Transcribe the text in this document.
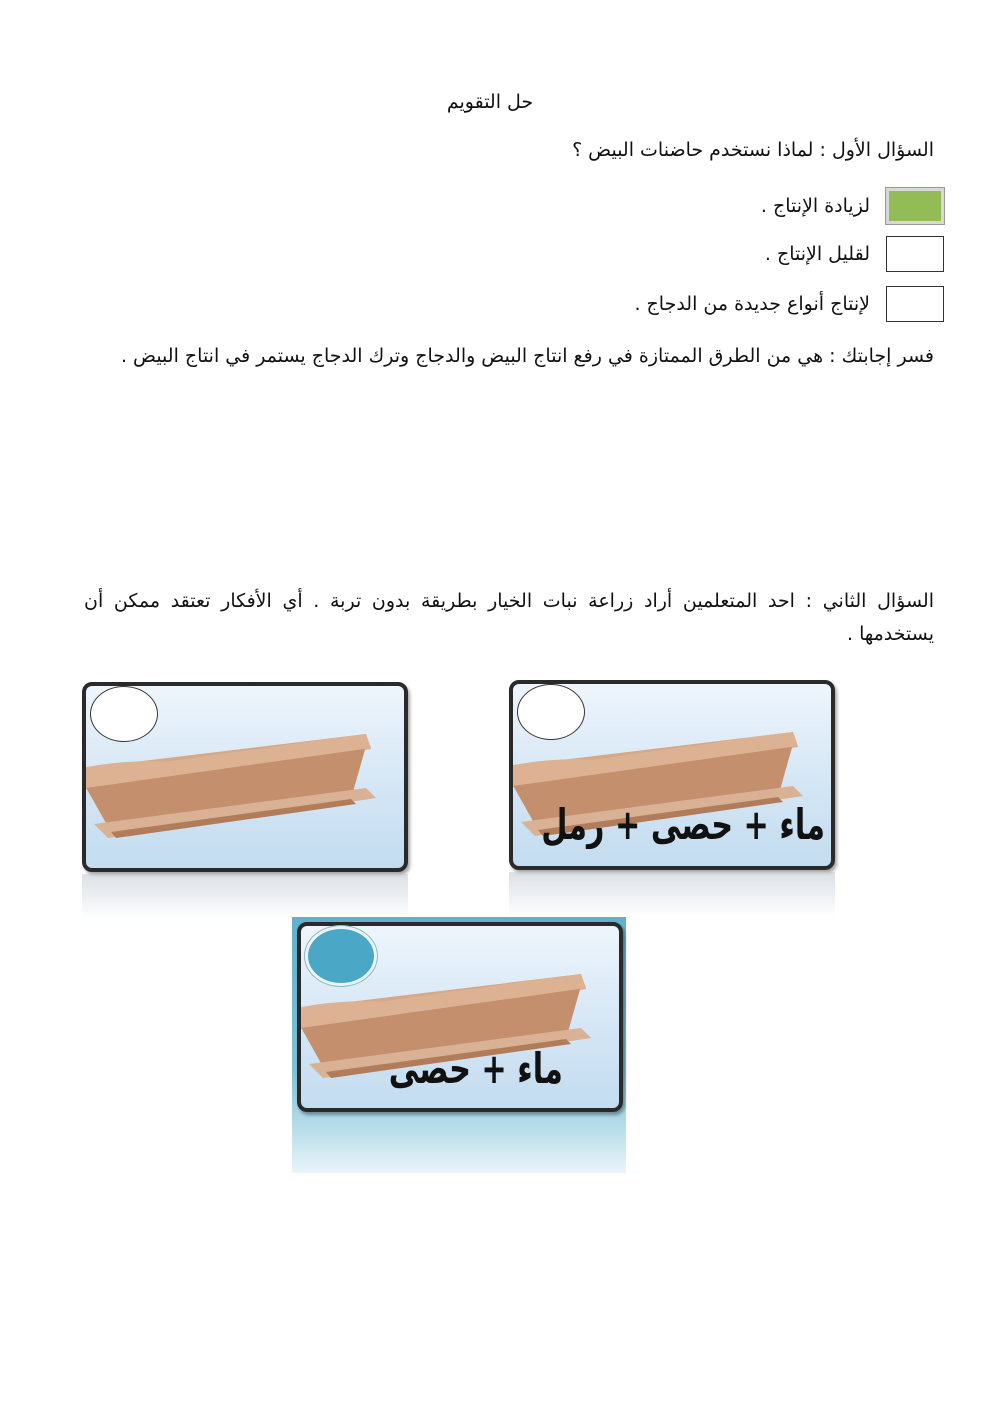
حل التقويم
السؤال الأول : لماذا نستخدم حاضنات البيض ؟
لزيادة الإنتاج .
لقليل الإنتاج .
لإنتاج أنواع جديدة من الدجاج .
فسر إجابتك : هي من الطرق الممتازة في رفع انتاج البيض والدجاج وترك الدجاج يستمر في انتاج البيض .
السؤال الثاني : احد المتعلمين أراد زراعة نبات الخيار بطريقة بدون تربة . أي الأفكار تعتقد ممكن أن يستخدمها .
ماء + حصى + رمل
ماء + حصى
